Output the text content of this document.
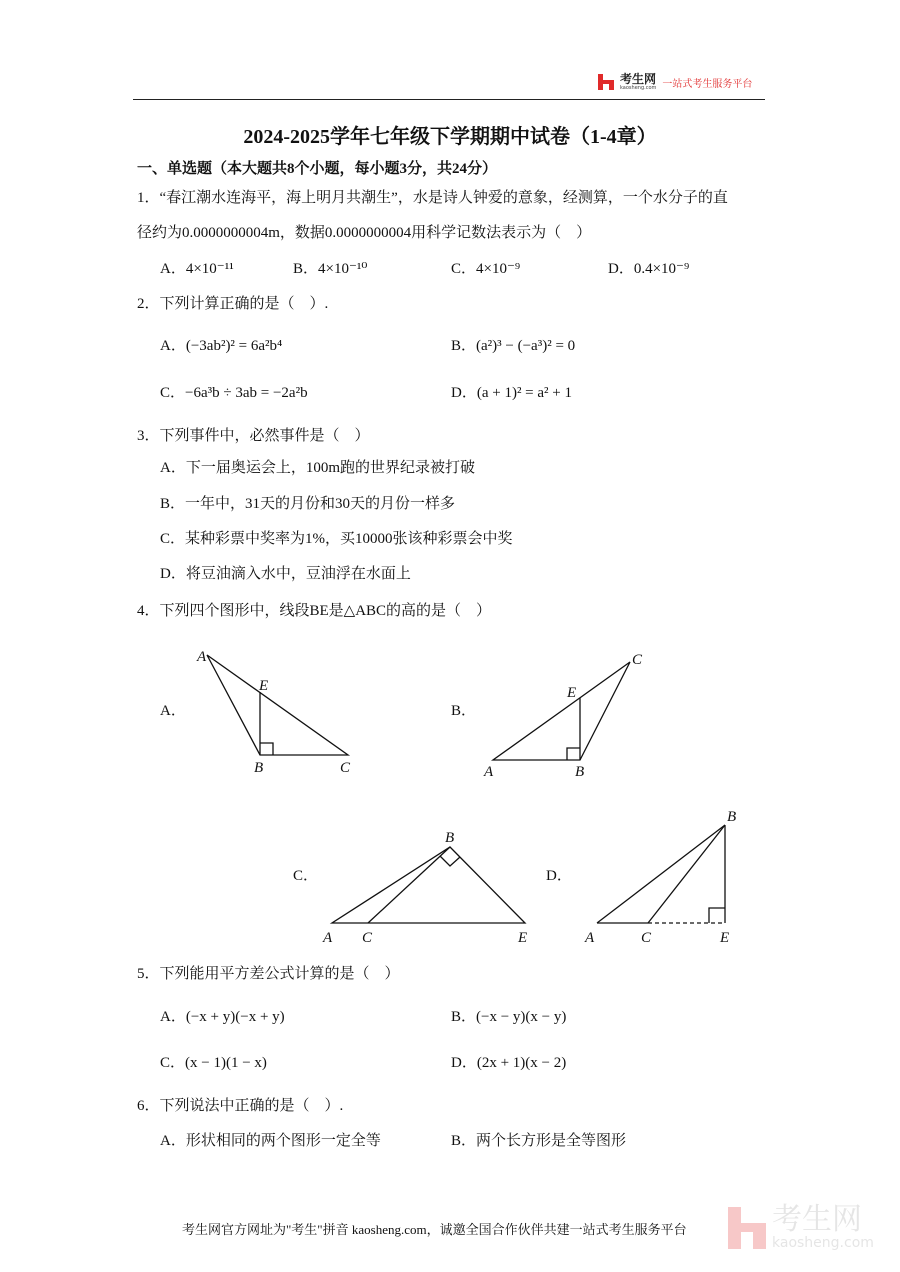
考生网
kaosheng.com 一站式考生服务平台
2024-2025学年七年级下学期期中试卷（1-4章）
一、单选题（本大题共8个小题，每小题3分，共24分）
1．“春江潮水连海平，海上明月共潮生”，水是诗人钟爱的意象，经测算，一个水分子的直
径约为0.0000000004m，数据0.0000000004用科学记数法表示为（　）
A．4×10⁻¹¹	B．4×10⁻¹⁰	C．4×10⁻⁹	D．0.4×10⁻⁹
2．下列计算正确的是（　）.
A．(−3ab²)² = 6a²b⁴	B．(a²)³ − (−a³)² = 0
C．−6a³b ÷ 3ab = −2a²b	D．(a + 1)² = a² + 1
3．下列事件中，必然事件是（　）
A．下一届奥运会上，100m跑的世界纪录被打破
B．一年中，31天的月份和30天的月份一样多
C．某种彩票中奖率为1%，买10000张该种彩票会中奖
D．将豆油滴入水中，豆油浮在水面上
4．下列四个图形中，线段BE是△ABC的高的是（　）
A．	B．
C．	D．
A
E
B	C	A	B
C
E
B
A C	E
B
A	C	E
5．下列能用平方差公式计算的是（　）
A．(−x + y)(−x + y)	B．(−x − y)(x − y)
C．(x − 1)(1 − x)	D．(2x + 1)(x − 2)
6．下列说法中正确的是（　）.
A．形状相同的两个图形一定全等	B．两个长方形是全等图形
考生网
kaosheng.com
考生网官方网址为"考生"拼音 kaosheng.com，诚邀全国合作伙伴共建一站式考生服务平台
